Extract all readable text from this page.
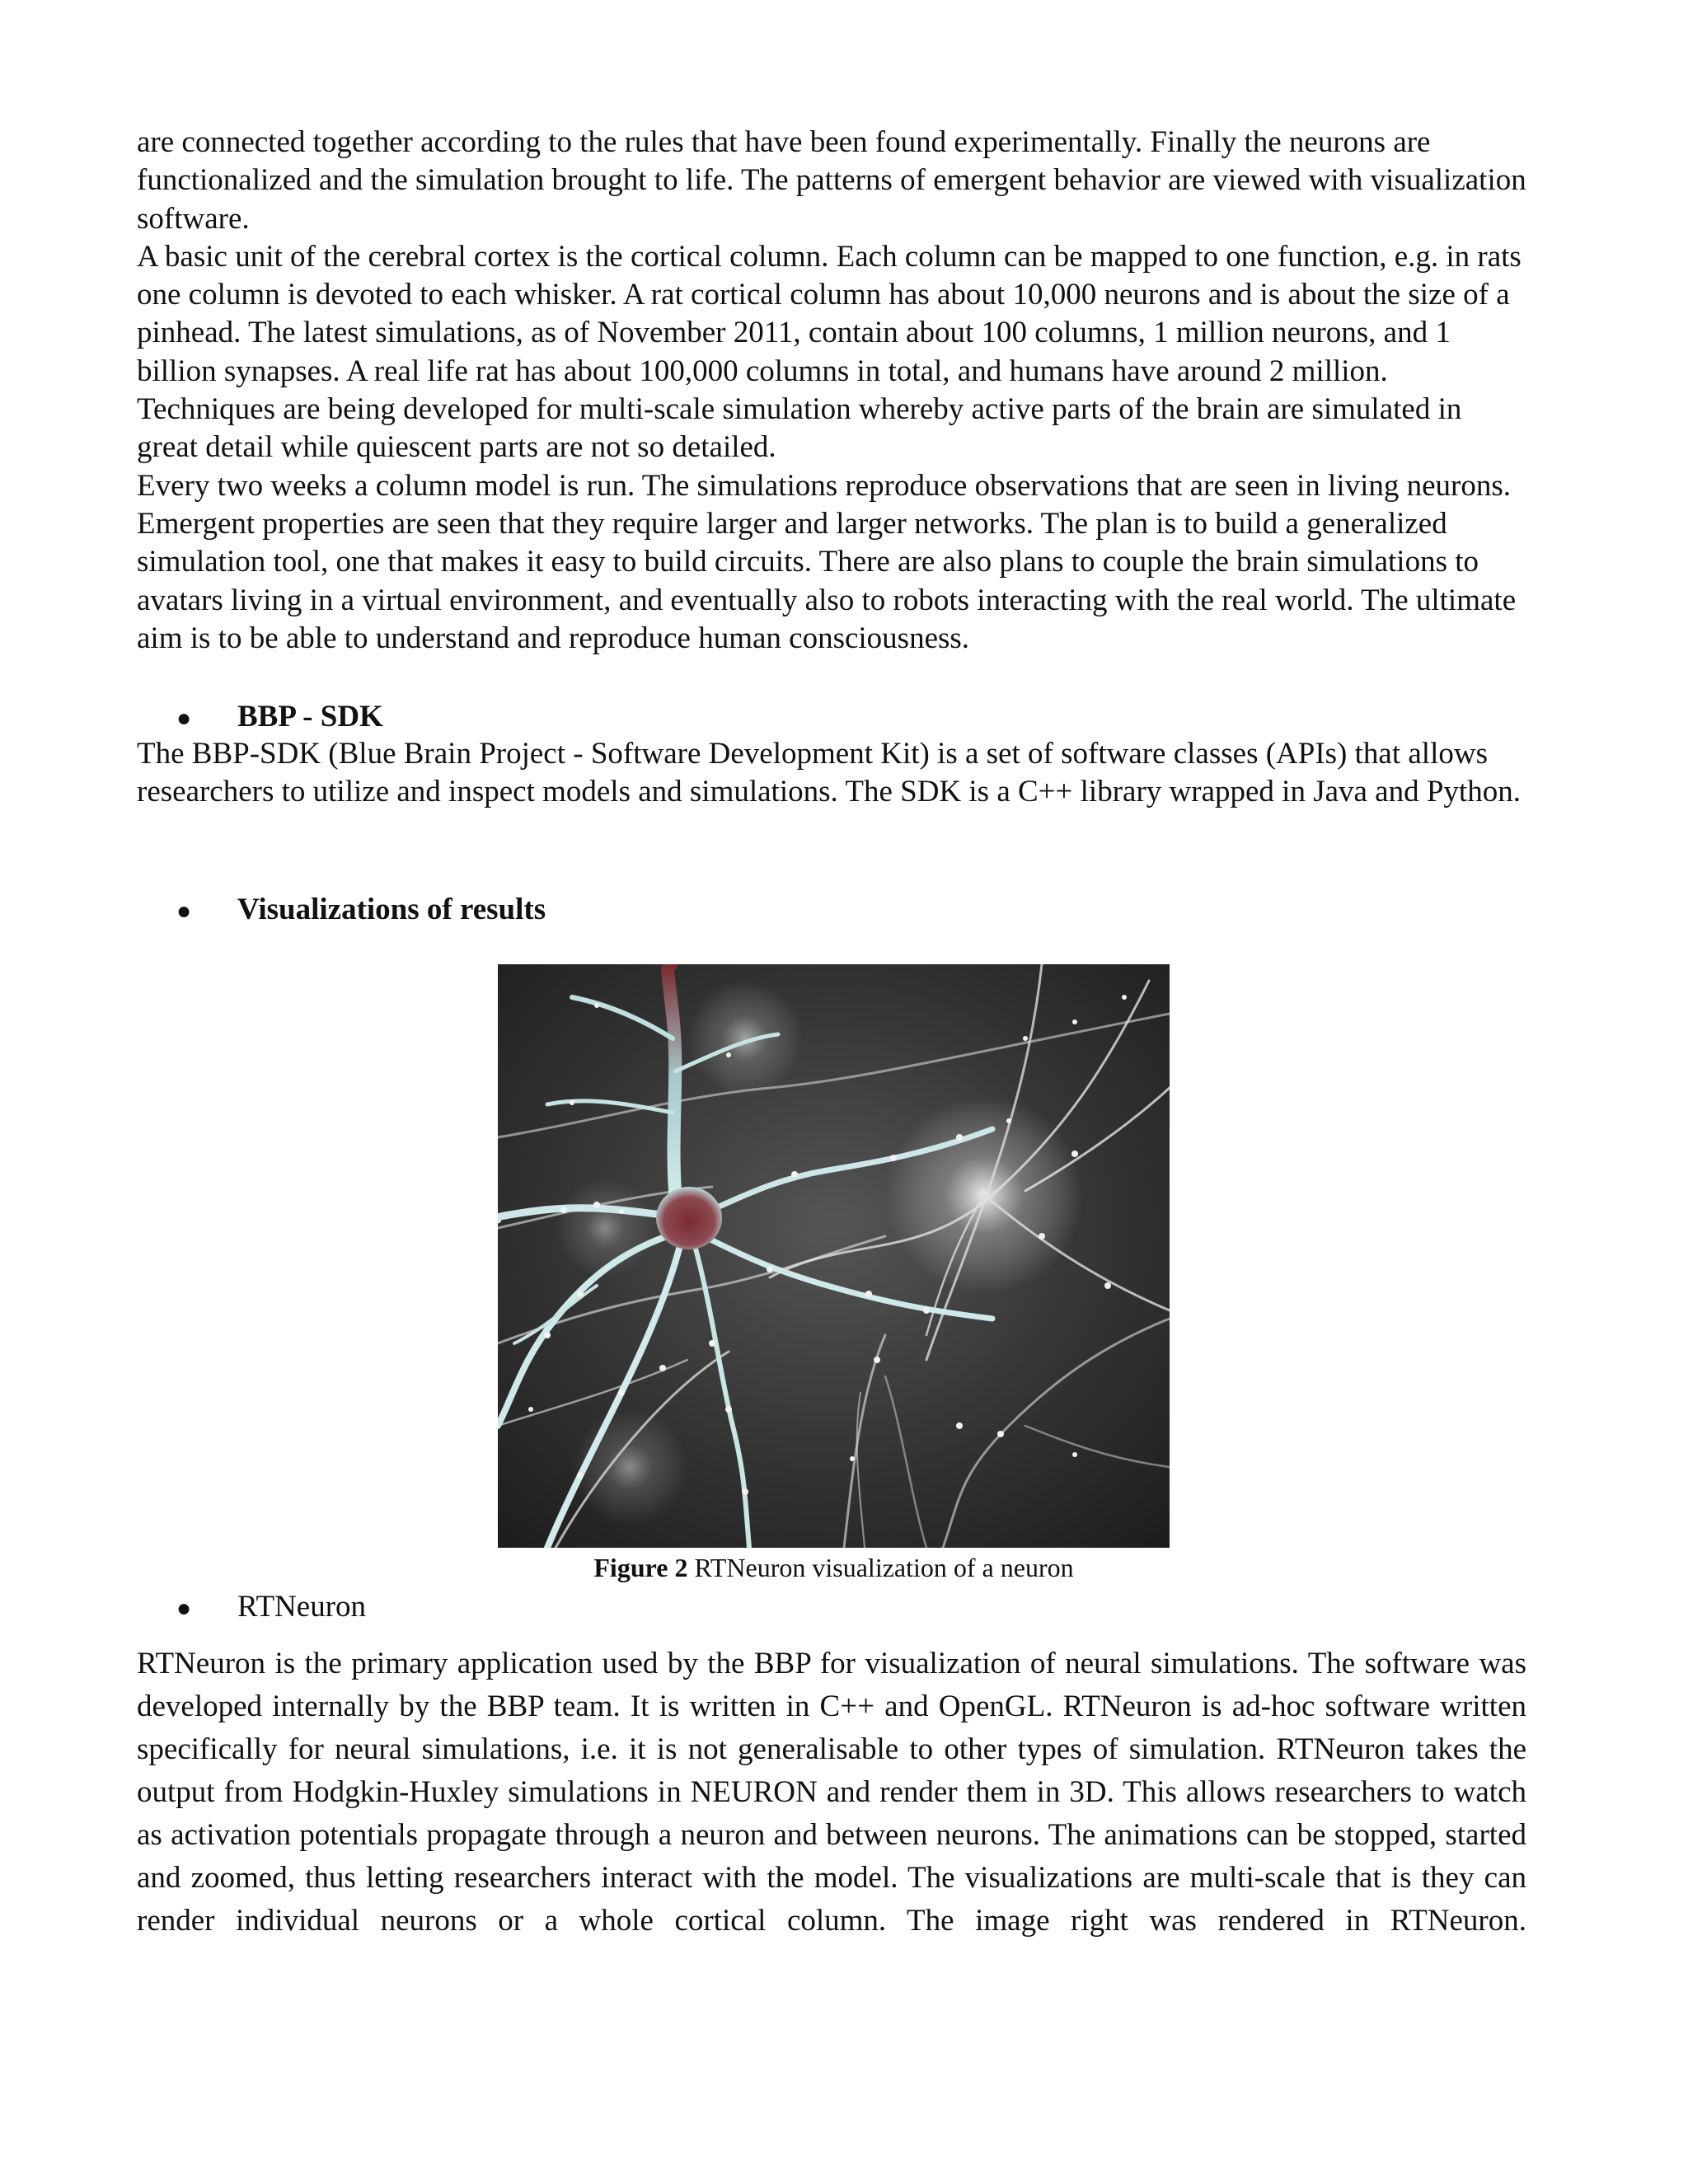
are connected together according to the rules that have been found experimentally. Finally the neurons are functionalized and the simulation brought to life. The patterns of emergent behavior are viewed with visualization software.

A basic unit of the cerebral cortex is the cortical column. Each column can be mapped to one function, e.g. in rats one column is devoted to each whisker. A rat cortical column has about 10,000 neurons and is about the size of a pinhead. The latest simulations, as of November 2011, contain about 100 columns, 1 million neurons, and 1 billion synapses. A real life rat has about 100,000 columns in total, and humans have around 2 million. Techniques are being developed for multi-scale simulation whereby active parts of the brain are simulated in great detail while quiescent parts are not so detailed.

Every two weeks a column model is run. The simulations reproduce observations that are seen in living neurons. Emergent properties are seen that they require larger and larger networks. The plan is to build a generalized simulation tool, one that makes it easy to build circuits. There are also plans to couple the brain simulations to avatars living in a virtual environment, and eventually also to robots interacting with the real world. The ultimate aim is to be able to understand and reproduce human consciousness.

●	BBP - SDK

The BBP-SDK (Blue Brain Project - Software Development Kit) is a set of software classes (APIs) that allows researchers to utilize and inspect models and simulations. The SDK is a C++ library wrapped in Java and Python.

●	Visualizations of results
Figure 2 RTNeuron visualization of a neuron
●	RTNeuron

RTNeuron is the primary application used by the BBP for visualization of neural simulations. The software was developed internally by the BBP team. It is written in C++ and OpenGL. RTNeuron is ad-hoc software written specifically for neural simulations, i.e. it is not generalisable to other types of simulation. RTNeuron takes the output from Hodgkin-Huxley simulations in NEURON and render them in 3D. This allows researchers to watch as activation potentials propagate through a neuron and between neurons. The animations can be stopped, started and zoomed, thus letting researchers interact with the model. The visualizations are multi-scale that is they can render individual neurons or a whole cortical column. The image right was rendered in RTNeuron.
